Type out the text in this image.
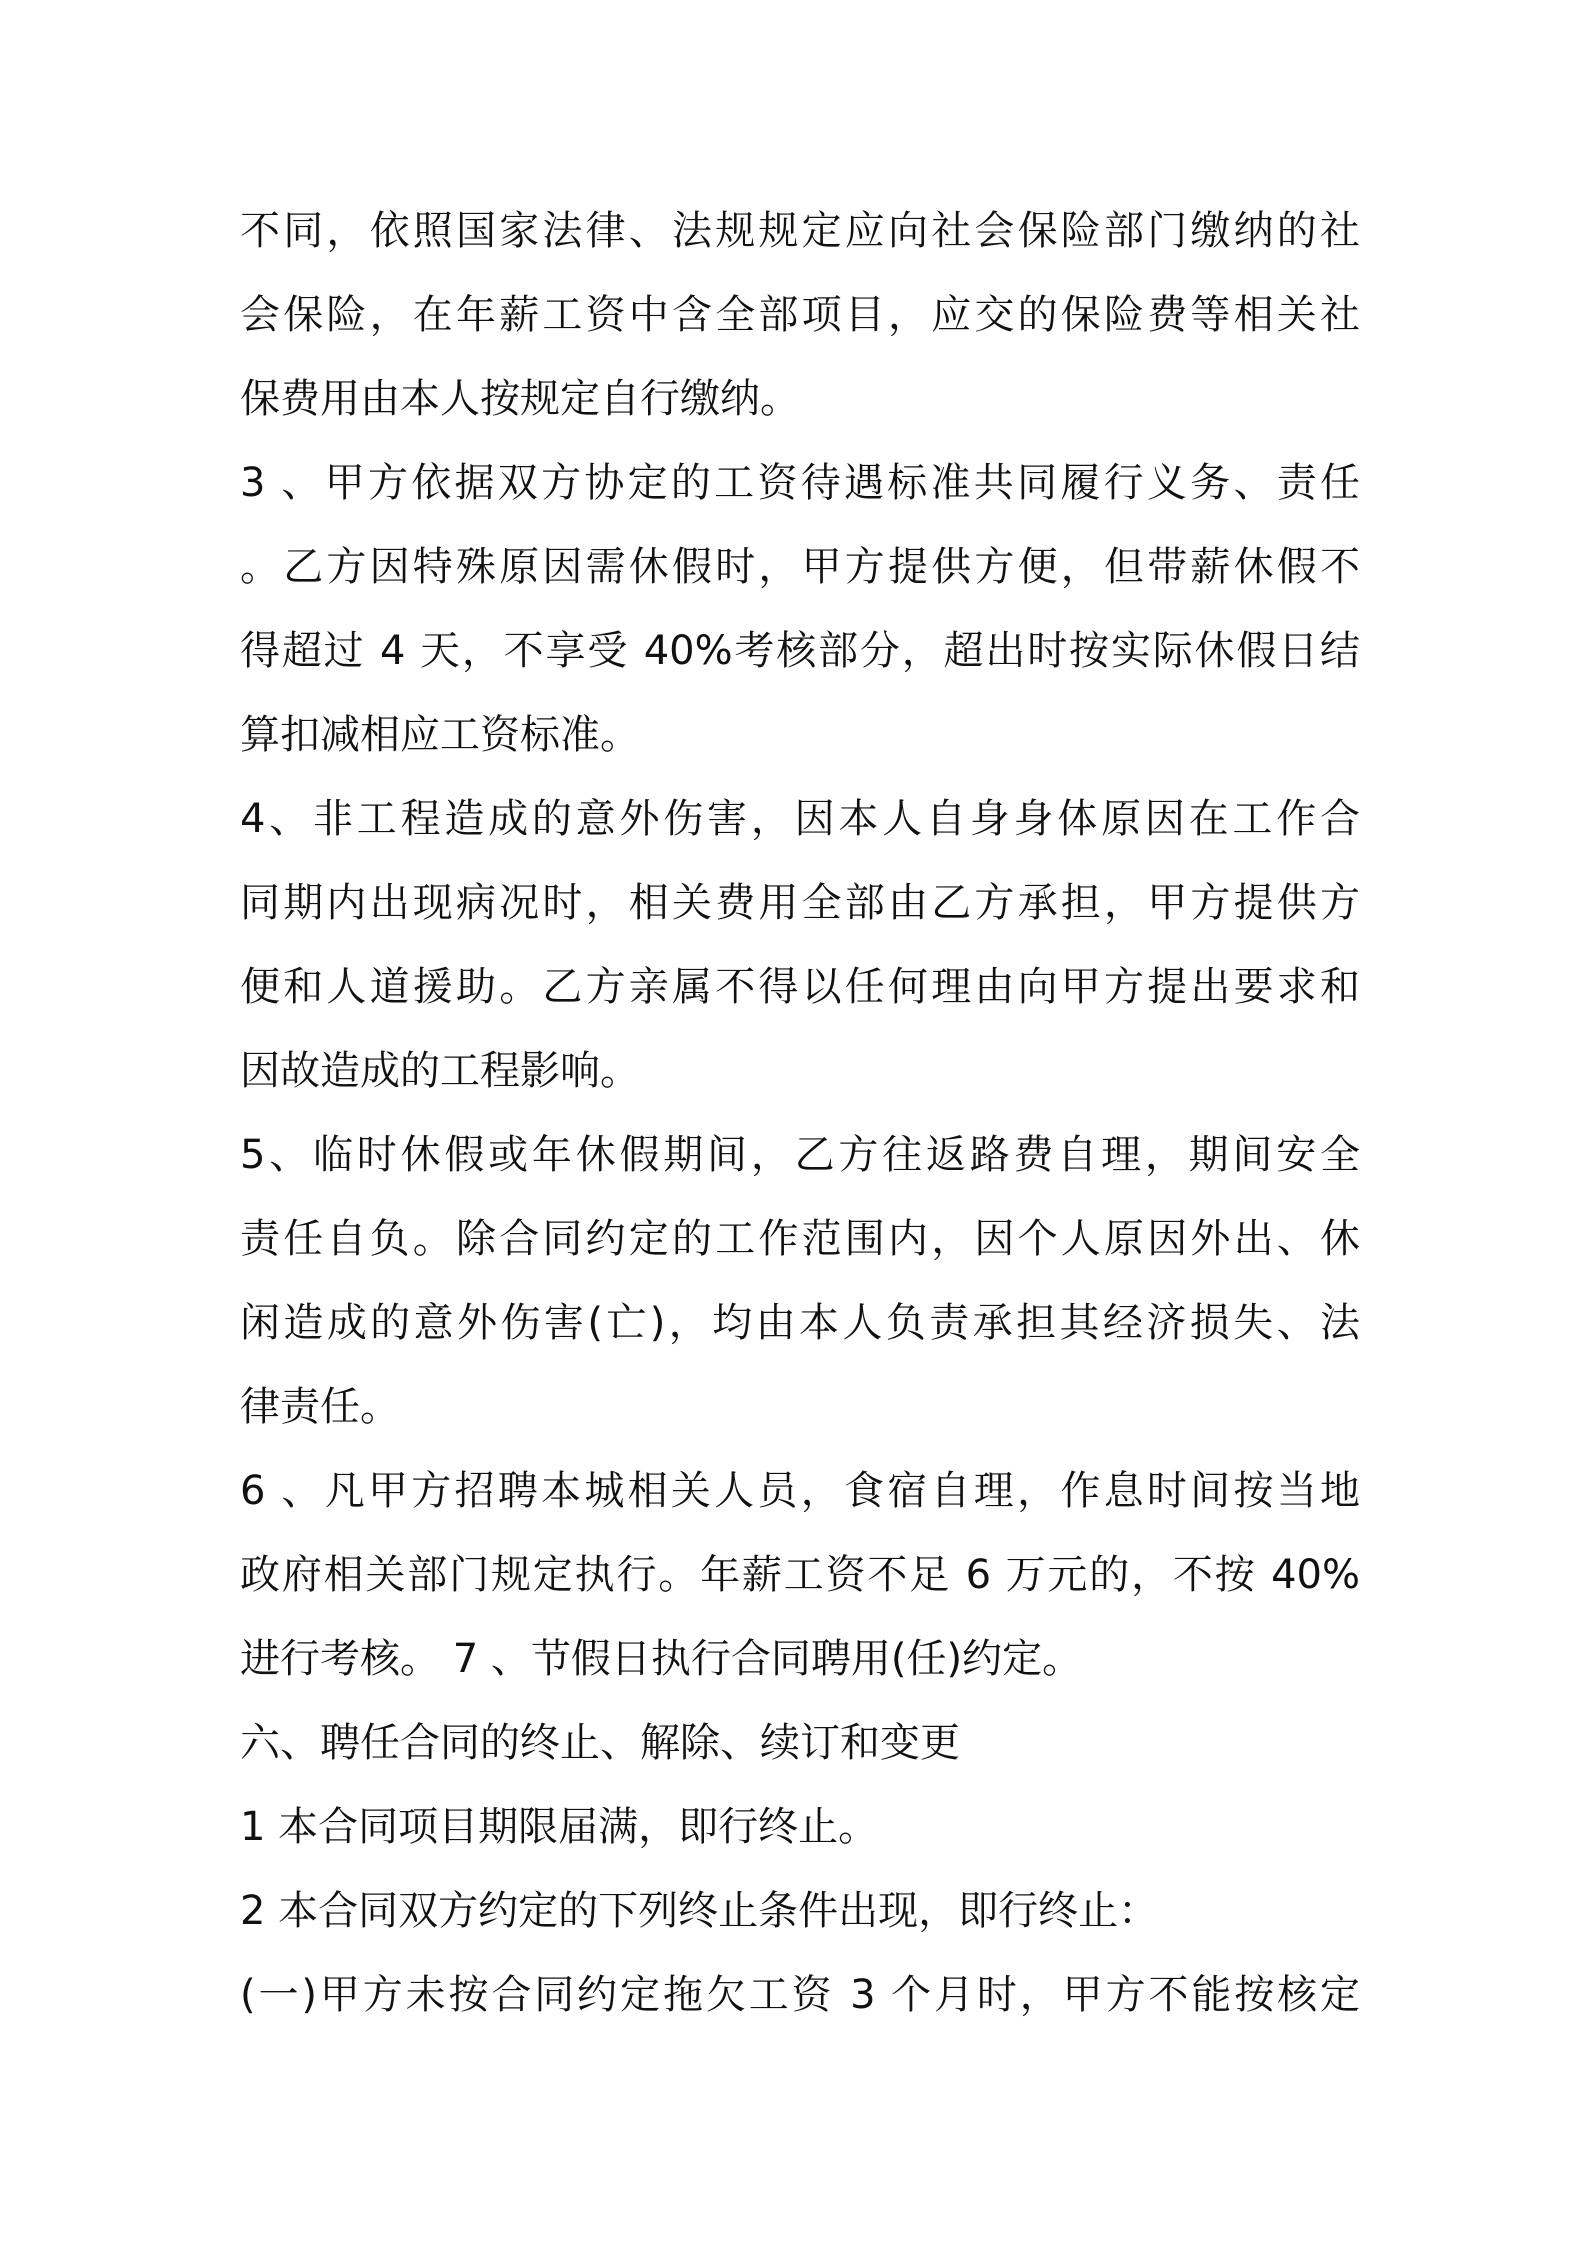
不同，依照国家法律、法规规定应向社会保险部门缴纳的社
会保险，在年薪工资中含全部项目，应交的保险费等相关社
保费用由本人按规定自行缴纳。
3 、甲方依据双方协定的工资待遇标准共同履行义务、责任
。乙方因特殊原因需休假时，甲方提供方便，但带薪休假不
得超过 4 天，不享受 40%考核部分，超出时按实际休假日结
算扣减相应工资标准。
4、非工程造成的意外伤害，因本人自身身体原因在工作合
同期内出现病况时，相关费用全部由乙方承担，甲方提供方
便和人道援助。乙方亲属不得以任何理由向甲方提出要求和
因故造成的工程影响。
5、临时休假或年休假期间，乙方往返路费自理，期间安全
责任自负。除合同约定的工作范围内，因个人原因外出、休
闲造成的意外伤害(亡)，均由本人负责承担其经济损失、法
律责任。
6 、凡甲方招聘本城相关人员，食宿自理，作息时间按当地
政府相关部门规定执行。年薪工资不足 6 万元的，不按 40%
进行考核。 7 、节假日执行合同聘用(任)约定。
六、聘任合同的终止、解除、续订和变更
1 本合同项目期限届满，即行终止。
2 本合同双方约定的下列终止条件出现，即行终止：
(一)甲方未按合同约定拖欠工资 3 个月时，甲方不能按核定
